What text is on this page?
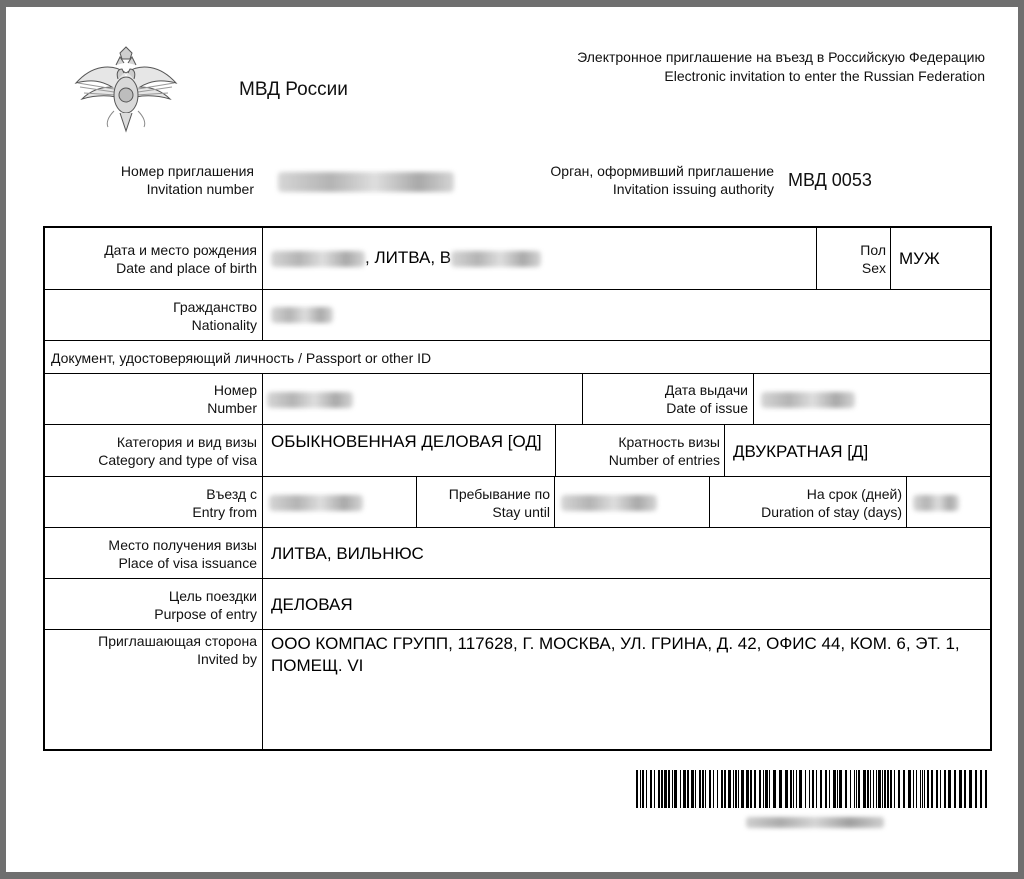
МВД России
Электронное приглашение на въезд в Российскую Федерацию
Electronic invitation to enter the Russian Federation
Номер приглашения
Invitation number
Орган, оформивший приглашение
Invitation issuing authority МВД 0053
Дата и место рождения
Date and place of birth
, ЛИТВА, В	Пол
Sex МУЖ
Гражданство
Nationality
Документ, удостоверяющий личность / Passport or other ID
Номер
Number
Дата выдачи
Date of issue
Категория и вид визы
Category and type of visa
ОБЫКНОВЕННАЯ ДЕЛОВАЯ [ОД]	Кратность визы
Number of entries ДВУКРАТНАЯ [Д]
Въезд с
Entry from
Пребывание по
Stay until
На срок (дней)
Duration of stay (days)
Место получения визы
Place of visa issuance ЛИТВА, ВИЛЬНЮС
Цель поездки
Purpose of entry ДЕЛОВАЯ
Приглашающая сторона
Invited by
ООО КОМПАС ГРУПП, 117628, Г. МОСКВА, УЛ. ГРИНА, Д. 42, ОФИС 44, КОМ. 6, ЭТ. 1, ПОМЕЩ. VI
